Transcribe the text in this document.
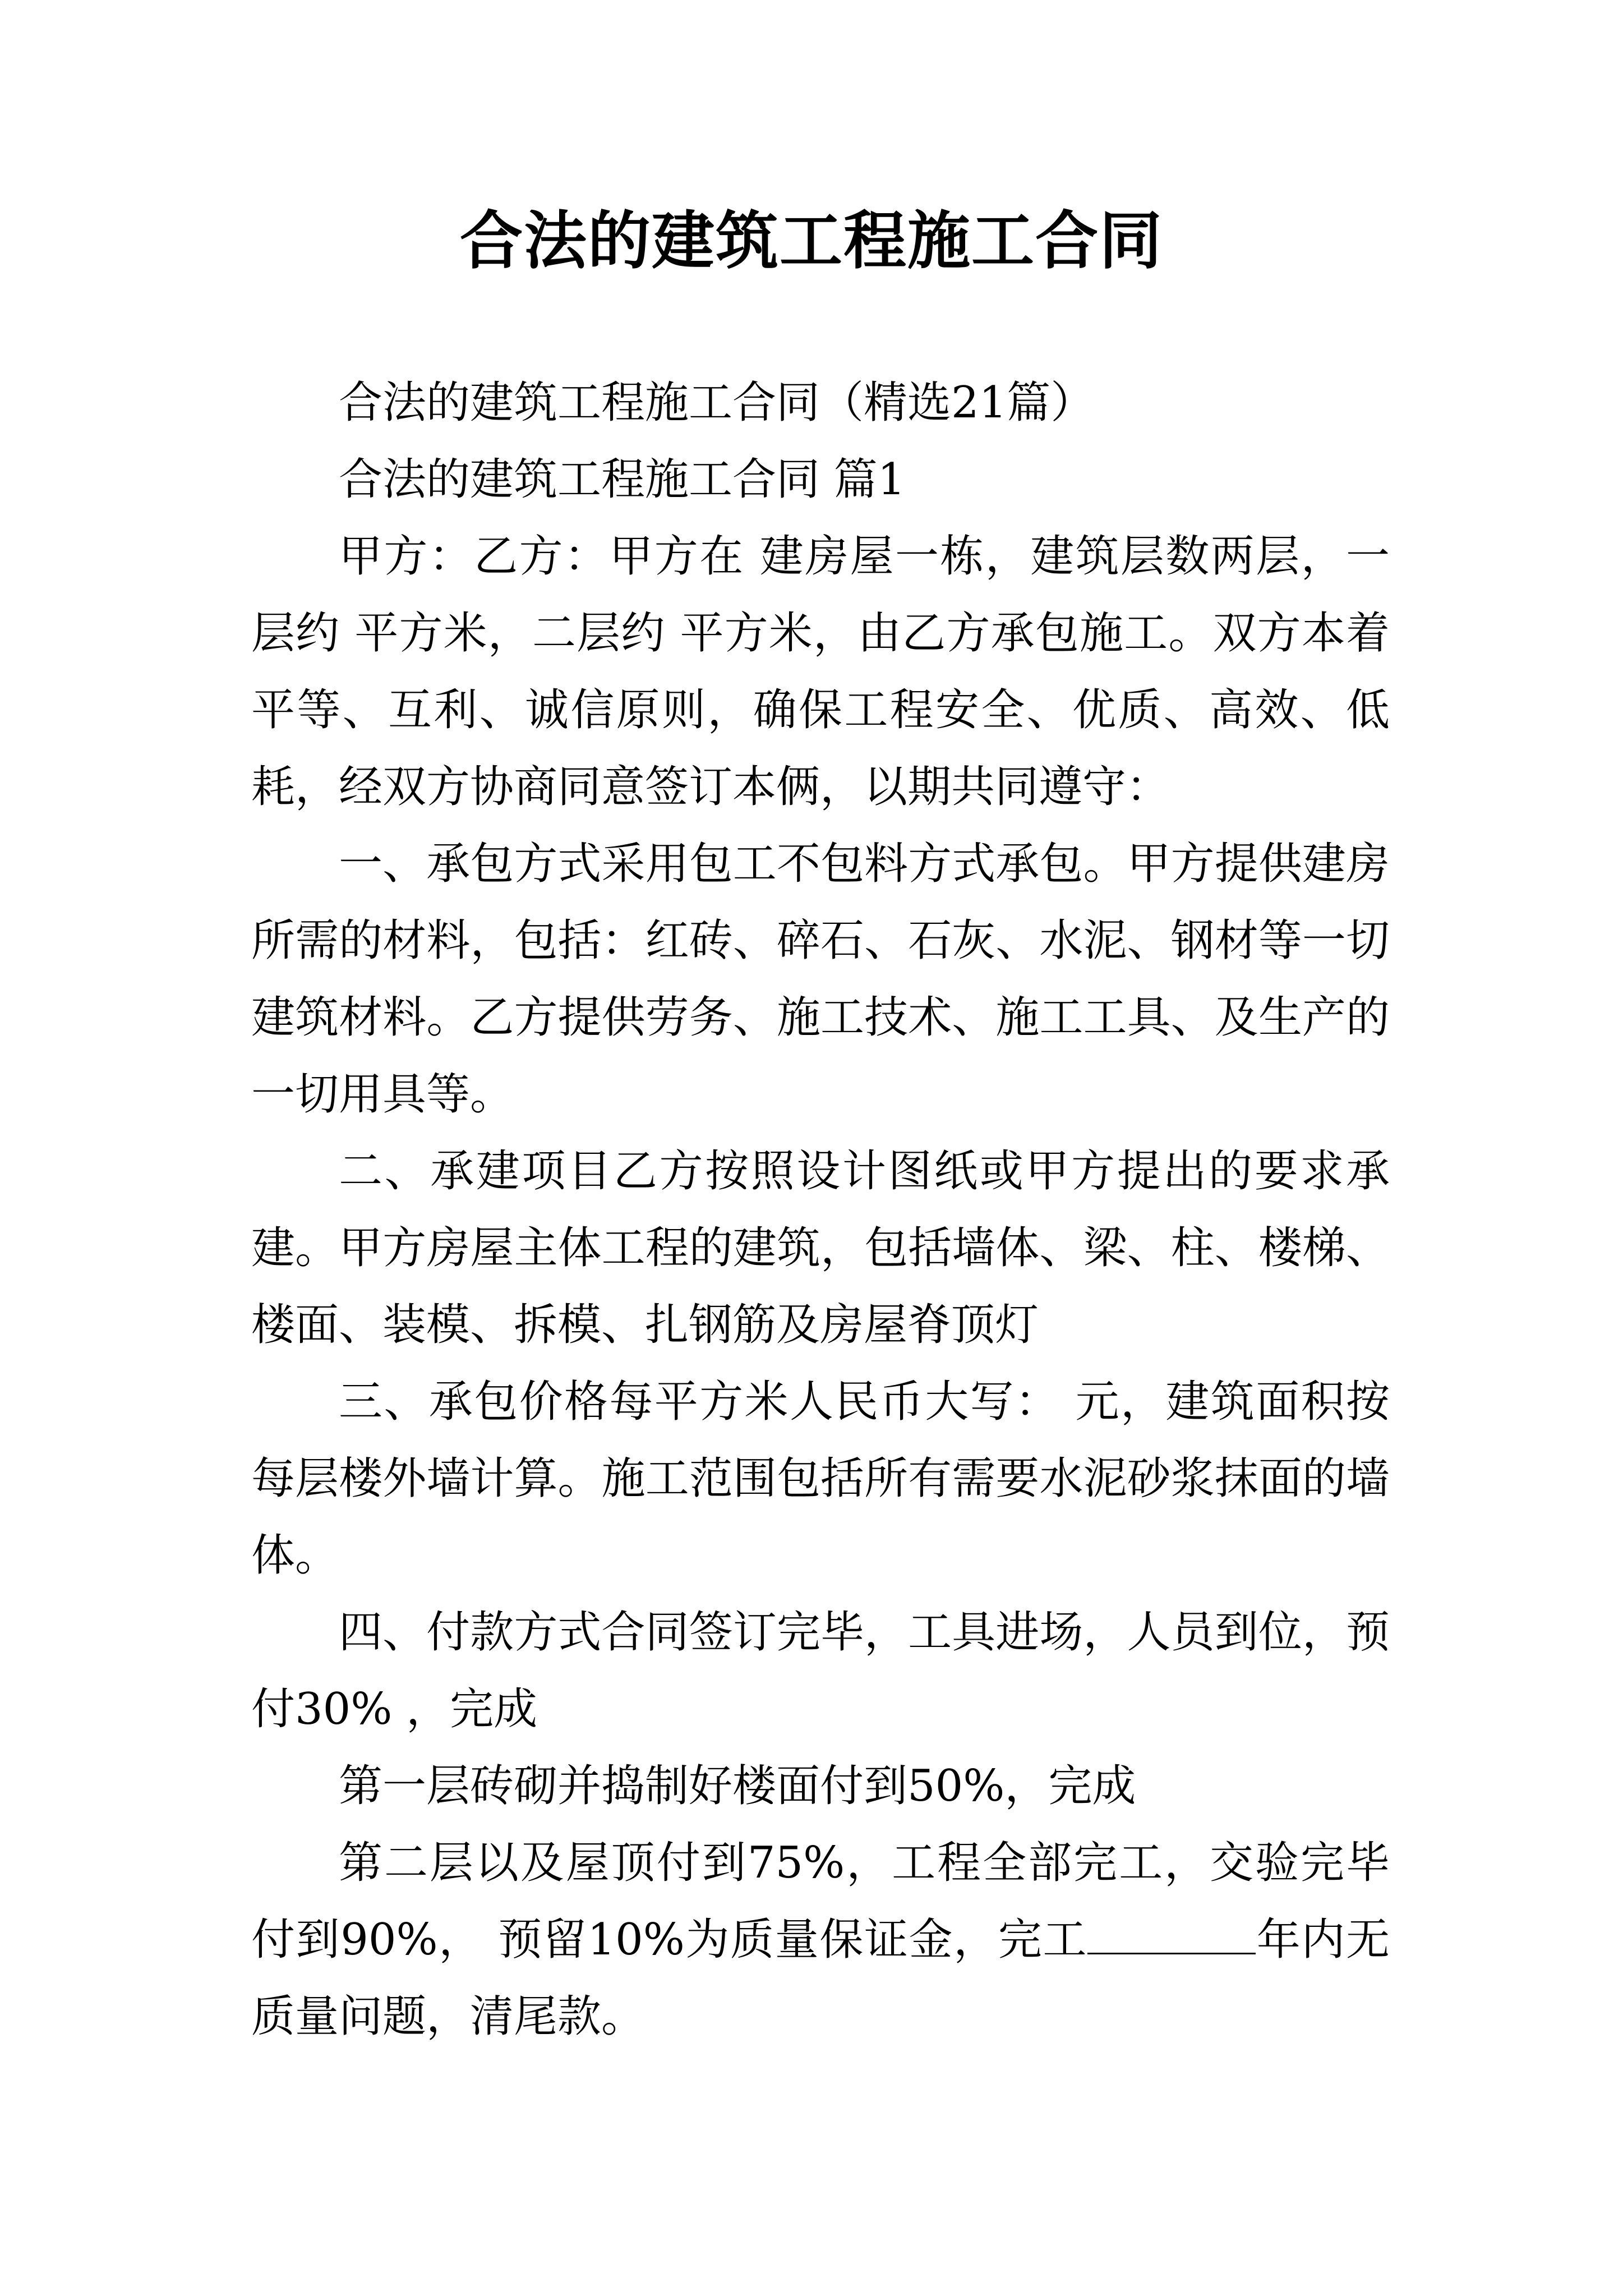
合法的建筑工程施工合同

合法的建筑工程施工合同（精选21篇）

合法的建筑工程施工合同 篇1

甲方：乙方：甲方在 建房屋一栋，建筑层数两层，一层约 平方米，二层约 平方米，由乙方承包施工。双方本着平等、互利、诚信原则，确保工程安全、优质、高效、低耗，经双方协商同意签订本俩，以期共同遵守：

一、承包方式采用包工不包料方式承包。甲方提供建房所需的材料，包括：红砖、碎石、石灰、水泥、钢材等一切建筑材料。乙方提供劳务、施工技术、施工工具、及生产的一切用具等。

二、承建项目乙方按照设计图纸或甲方提出的要求承建。甲方房屋主体工程的建筑，包括墙体、梁、柱、楼梯、楼面、装模、拆模、扎钢筋及房屋脊顶灯

三、承包价格每平方米人民币大写： 元，建筑面积按每层楼外墙计算。施工范围包括所有需要水泥砂浆抹面的墙体。

四、付款方式合同签订完毕，工具进场，人员到位，预付30% ，完成

第一层砖砌并捣制好楼面付到50%，完成

第二层以及屋顶付到75%，工程全部完工，交验完毕付到90%， 预留10%为质量保证金，完工	年内无质量问题，清尾款。
